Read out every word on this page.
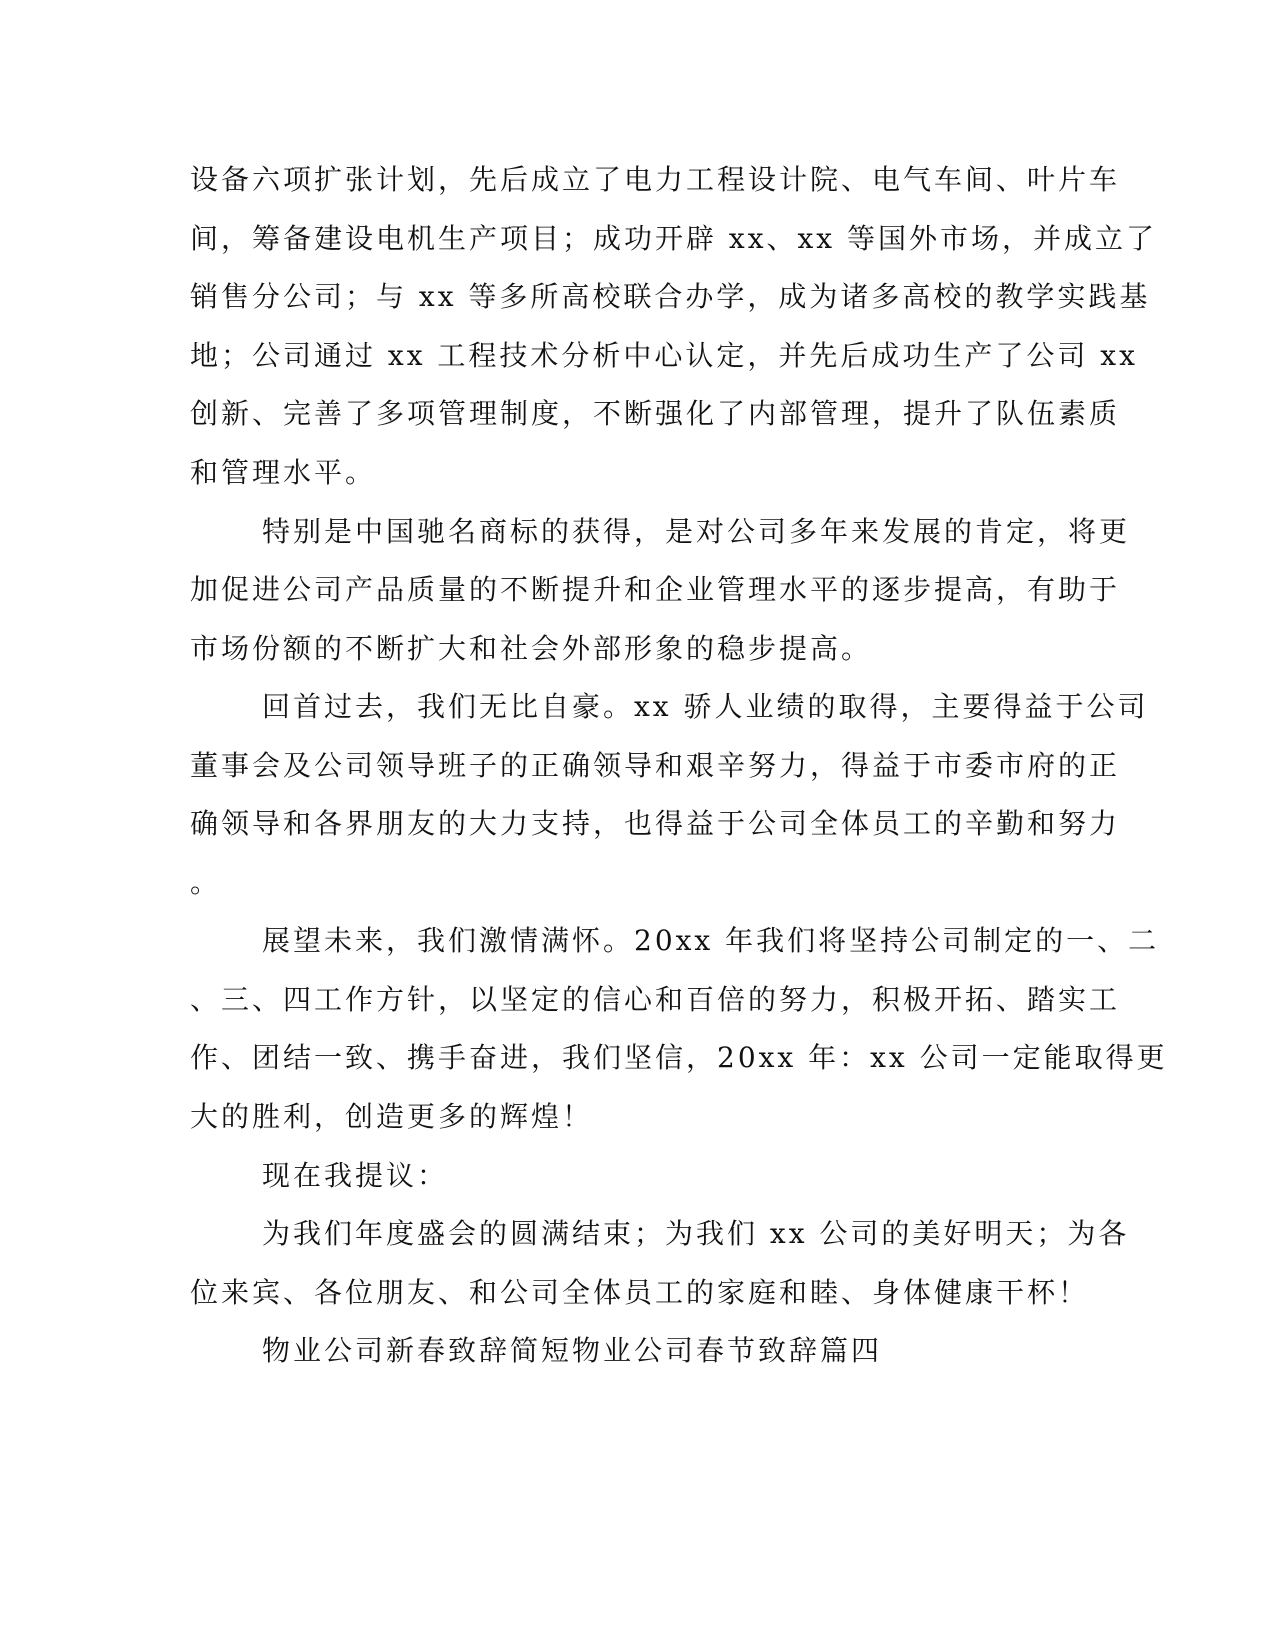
设备六项扩张计划，先后成立了电力工程设计院、电气车间、叶片车
间，筹备建设电机生产项目；成功开辟 xx、xx 等国外市场，并成立了
销售分公司；与 xx 等多所高校联合办学，成为诸多高校的教学实践基
地；公司通过 xx 工程技术分析中心认定，并先后成功生产了公司 xx
创新、完善了多项管理制度，不断强化了内部管理，提升了队伍素质
和管理水平。
特别是中国驰名商标的获得，是对公司多年来发展的肯定，将更
加促进公司产品质量的不断提升和企业管理水平的逐步提高，有助于
市场份额的不断扩大和社会外部形象的稳步提高。
回首过去，我们无比自豪。xx 骄人业绩的取得，主要得益于公司
董事会及公司领导班子的正确领导和艰辛努力，得益于市委市府的正
确领导和各界朋友的大力支持，也得益于公司全体员工的辛勤和努力
。
展望未来，我们激情满怀。20xx 年我们将坚持公司制定的一、二
、三、四工作方针，以坚定的信心和百倍的努力，积极开拓、踏实工
作、团结一致、携手奋进，我们坚信，20xx 年：xx 公司一定能取得更
大的胜利，创造更多的辉煌！
现在我提议：
为我们年度盛会的圆满结束；为我们 xx 公司的美好明天；为各
位来宾、各位朋友、和公司全体员工的家庭和睦、身体健康干杯！
物业公司新春致辞简短物业公司春节致辞篇四
